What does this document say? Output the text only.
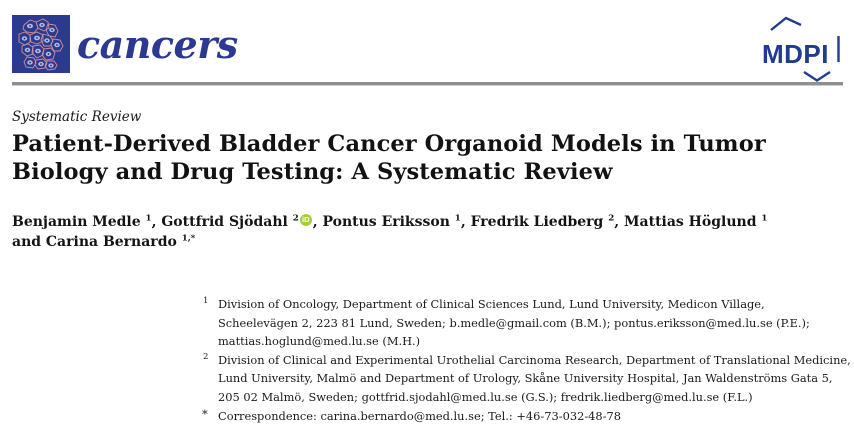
cancers	MDPI
Systematic Review
Patient-Derived Bladder Cancer Organoid Models in Tumor
Biology and Drug Testing: A Systematic Review
Benjamin Medle $^1$, Gottfrid Sjödahl $^2$ iD , Pontus Eriksson $^1$, Fredrik Liedberg $^2$, Mattias Höglund $^1$
and Carina Bernardo $^{1,*}$
1 Division of Oncology, Department of Clinical Sciences Lund, Lund University, Medicon Village,
Scheelevägen 2, 223 81 Lund, Sweden; b.medle@gmail.com (B.M.); pontus.eriksson@med.lu.se (P.E.);
mattias.hoglund@med.lu.se (M.H.)
2 Division of Clinical and Experimental Urothelial Carcinoma Research, Department of Translational Medicine,
Lund University, Malmö and Department of Urology, Skåne University Hospital, Jan Waldenströms Gata 5,
205 02 Malmö, Sweden; gottfrid.sjodahl@med.lu.se (G.S.); fredrik.liedberg@med.lu.se (F.L.)
* Correspondence: carina.bernardo@med.lu.se; Tel.: +46-73-032-48-78
